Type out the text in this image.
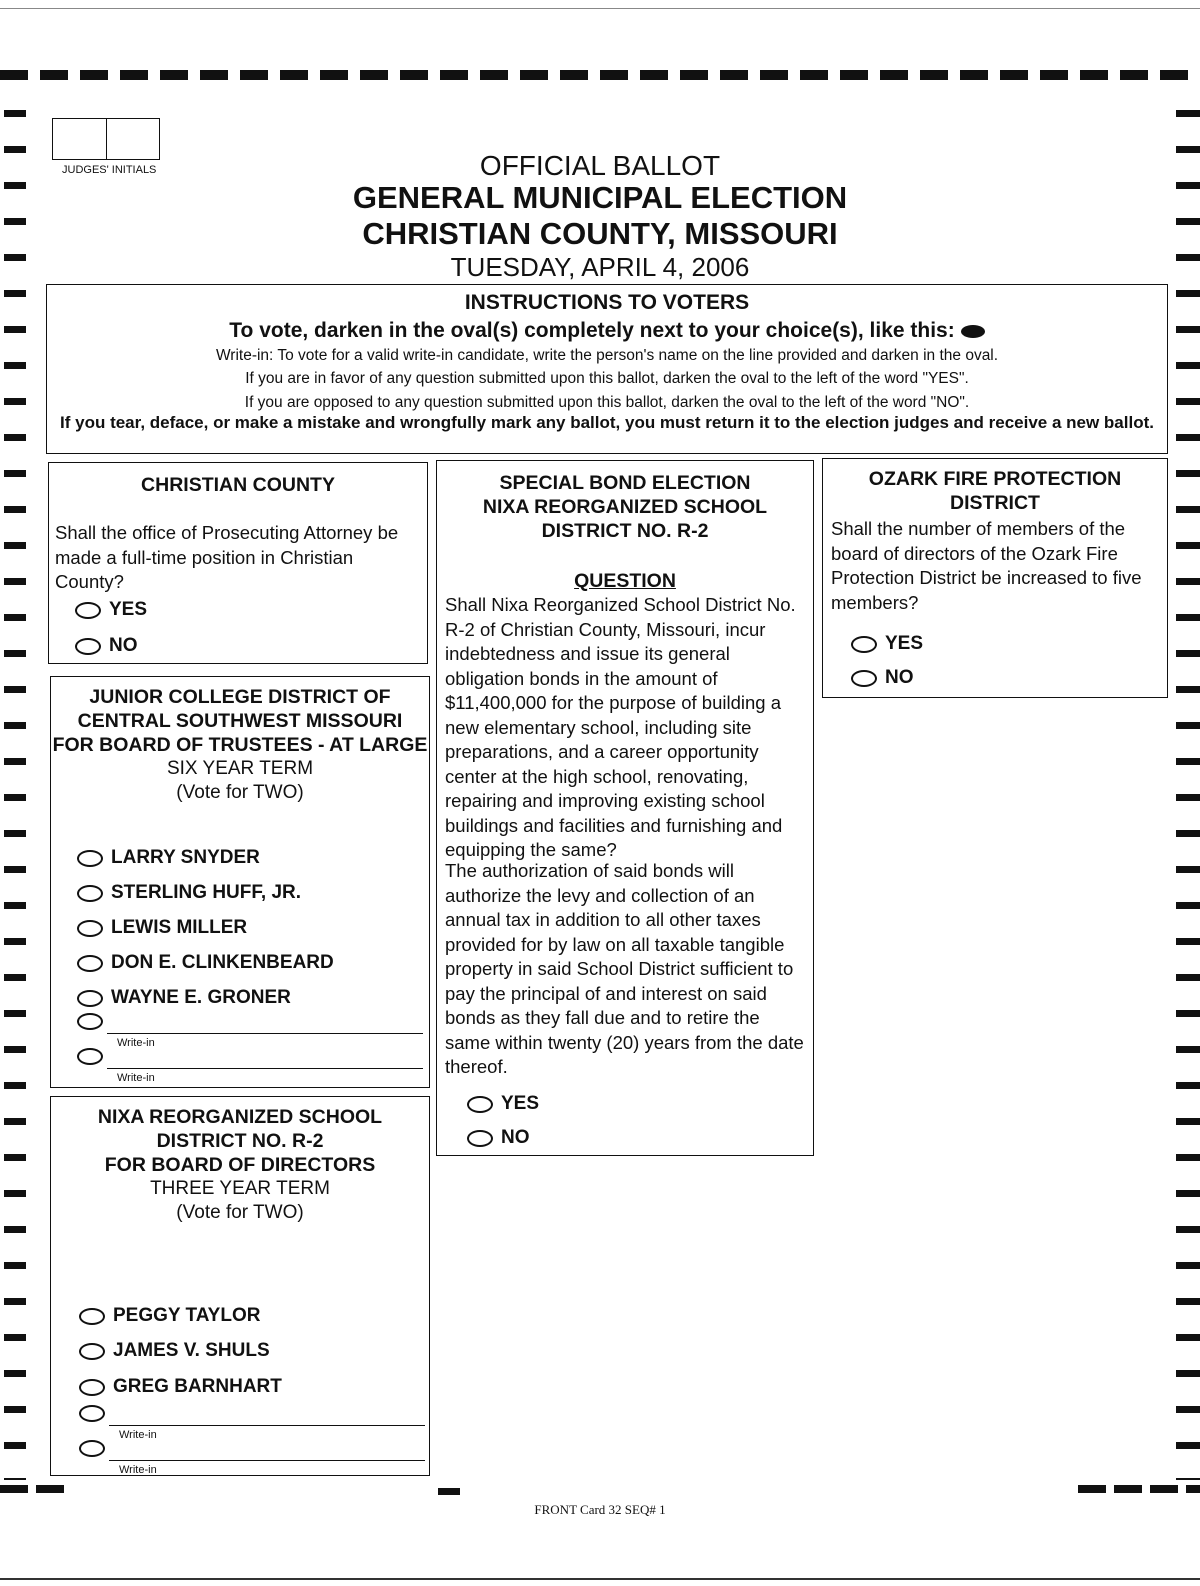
JUDGES' INITIALS	OFFICIAL BALLOT
GENERAL MUNICIPAL ELECTION
CHRISTIAN COUNTY, MISSOURI
TUESDAY, APRIL 4, 2006
INSTRUCTIONS TO VOTERS
To vote, darken in the oval(s) completely next to your choice(s), like this:
Write-in: To vote for a valid write-in candidate, write the person's name on the line provided and darken in the oval.
If you are in favor of any question submitted upon this ballot, darken the oval to the left of the word "YES".
If you are opposed to any question submitted upon this ballot, darken the oval to the left of the word "NO".
If you tear, deface, or make a mistake and wrongfully mark any ballot, you must return it to the election judges and receive a new ballot.
CHRISTIAN COUNTY
Shall the office of Prosecuting Attorney be made a full-time position in Christian County?
YES
NO
JUNIOR COLLEGE DISTRICT OF
CENTRAL SOUTHWEST MISSOURI
FOR BOARD OF TRUSTEES - AT LARGE
SIX YEAR TERM
(Vote for TWO)
LARRY SNYDER
STERLING HUFF, JR.
LEWIS MILLER
DON E. CLINKENBEARD
WAYNE E. GRONER
Write-in
Write-in
NIXA REORGANIZED SCHOOL
DISTRICT NO. R-2
FOR BOARD OF DIRECTORS
THREE YEAR TERM
(Vote for TWO)
PEGGY TAYLOR
JAMES V. SHULS
GREG BARNHART
Write-in
Write-in
SPECIAL BOND ELECTION
NIXA REORGANIZED SCHOOL
DISTRICT NO. R-2
QUESTION
Shall Nixa Reorganized School District No. R-2 of Christian County, Missouri, incur indebtedness and issue its general obligation bonds in the amount of $11,400,000 for the purpose of building a new elementary school, including site preparations, and a career opportunity center at the high school, renovating, repairing and improving existing school buildings and facilities and furnishing and equipping the same?
The authorization of said bonds will authorize the levy and collection of an annual tax in addition to all other taxes provided for by law on all taxable tangible property in said School District sufficient to pay the principal of and interest on said bonds as they fall due and to retire the same within twenty (20) years from the date thereof.
YES
NO
OZARK FIRE PROTECTION DISTRICT
Shall the number of members of the board of directors of the Ozark Fire Protection District be increased to five members?
YES
NO
FRONT Card 32 SEQ# 1
